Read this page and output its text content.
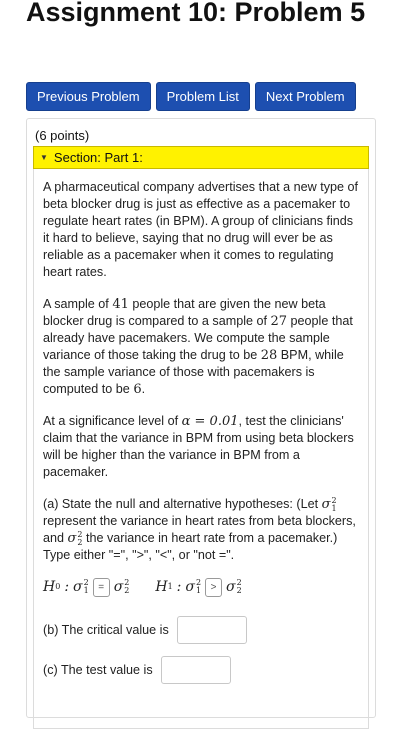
Assignment 10: Problem 5
Previous Problem	Problem List	Next Problem
(6 points)
▼ Section: Part 1:

A pharmaceutical company advertises that a new type of beta blocker drug is just as effective as a pacemaker to regulate heart rates (in BPM). A group of clinicians finds it hard to believe, saying that no drug will ever be as reliable as a pacemaker when it comes to regulating heart rates.

A sample of 41 people that are given the new beta blocker drug is compared to a sample of 27 people that already have pacemakers. We compute the sample variance of those taking the drug to be 28 BPM, while the sample variance of those with pacemakers is computed to be 6.

At a significance level of α = 0.01, test the clinicians' claim that the variance in BPM from using beta blockers will be higher than the variance in BPM from a pacemaker.

(a) State the null and alternative hypotheses: (Let σ 2
1
represent the variance in heart rates from beta blockers, and σ 2
2 the variance in heart rate from a pacemaker.) Type either "=", ">", "<", or "not =".

H 0 : σ 2
1 = σ 2
2 H 1 : σ 2
1 > σ 2
2
(b) The critical value is
(c) The test value is
